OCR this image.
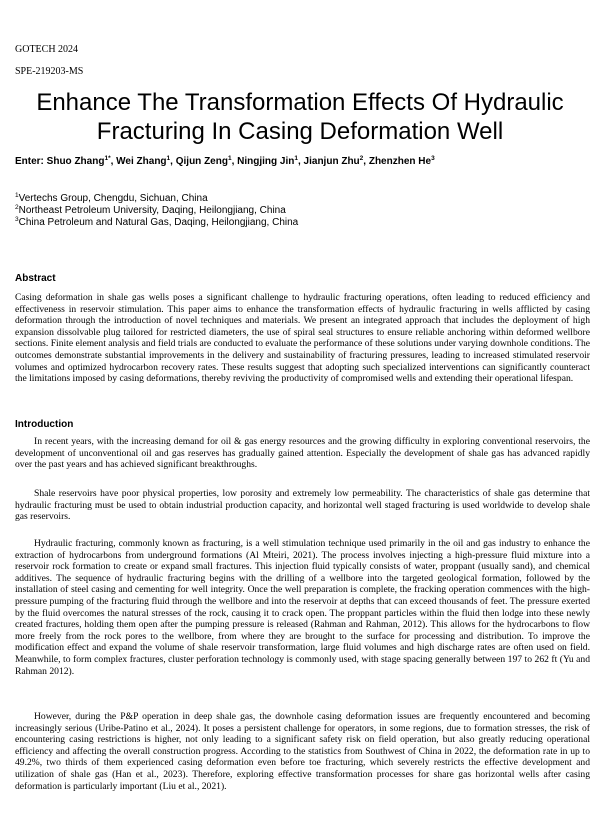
GOTECH 2024
SPE-219203-MS
Enhance The Transformation Effects Of Hydraulic
Fracturing In Casing Deformation Well
Enter: Shuo Zhang$^{1*}$, Wei Zhang$^1$, Qijun Zeng$^1$, Ningjing Jin$^1$, Jianjun Zhu$^2$, Zhenzhen He$^3$
$^1$Vertechs Group, Chengdu, Sichuan, China
$^2$Northeast Petroleum University, Daqing, Heilongjiang, China
$^3$China Petroleum and Natural Gas, Daqing, Heilongjiang, China
Abstract

Casing deformation in shale gas wells poses a significant challenge to hydraulic fracturing operations, often leading to reduced efficiency and effectiveness in reservoir stimulation. This paper aims to enhance the transformation effects of hydraulic fracturing in wells afflicted by casing deformation through the introduction of novel techniques and materials. We present an integrated approach that includes the deployment of high expansion dissolvable plug tailored for restricted diameters, the use of spiral seal structures to ensure reliable anchoring within deformed wellbore sections. Finite element analysis and field trials are conducted to evaluate the performance of these solutions under varying downhole conditions. The outcomes demonstrate substantial improvements in the delivery and sustainability of fracturing pressures, leading to increased stimulated reservoir volumes and optimized hydrocarbon recovery rates. These results suggest that adopting such specialized interventions can significantly counteract the limitations imposed by casing deformations, thereby reviving the productivity of compromised wells and extending their operational lifespan.

Introduction

In recent years, with the increasing demand for oil & gas energy resources and the growing difficulty in exploring conventional reservoirs, the development of unconventional oil and gas reserves has gradually gained attention. Especially the development of shale gas has advanced rapidly over the past years and has achieved significant breakthroughs.

Shale reservoirs have poor physical properties, low porosity and extremely low permeability. The characteristics of shale gas determine that hydraulic fracturing must be used to obtain industrial production capacity, and horizontal well staged fracturing is used worldwide to develop shale gas reservoirs.

Hydraulic fracturing, commonly known as fracturing, is a well stimulation technique used primarily in the oil and gas industry to enhance the extraction of hydrocarbons from underground formations (Al Mteiri, 2021). The process involves injecting a high-pressure fluid mixture into a reservoir rock formation to create or expand small fractures. This injection fluid typically consists of water, proppant (usually sand), and chemical additives. The sequence of hydraulic fracturing begins with the drilling of a wellbore into the targeted geological formation, followed by the installation of steel casing and cementing for well integrity. Once the well preparation is complete, the fracking operation commences with the high-pressure pumping of the fracturing fluid through the wellbore and into the reservoir at depths that can exceed thousands of feet. The pressure exerted by the fluid overcomes the natural stresses of the rock, causing it to crack open. The proppant particles within the fluid then lodge into these newly created fractures, holding them open after the pumping pressure is released (Rahman and Rahman, 2012). This allows for the hydrocarbons to flow more freely from the rock pores to the wellbore, from where they are brought to the surface for processing and distribution. To improve the modification effect and expand the volume of shale reservoir transformation, large fluid volumes and high discharge rates are often used on field. Meanwhile, to form complex fractures, cluster perforation technology is commonly used, with stage spacing generally between 197 to 262 ft (Yu and Rahman 2012).

However, during the P&P operation in deep shale gas, the downhole casing deformation issues are frequently encountered and becoming increasingly serious (Uribe-Patino et al., 2024). It poses a persistent challenge for operators, in some regions, due to formation stresses, the risk of encountering casing restrictions is higher, not only leading to a significant safety risk on field operation, but also greatly reducing operational efficiency and affecting the overall construction progress. According to the statistics from Southwest of China in 2022, the deformation rate in up to 49.2%, two thirds of them experienced casing deformation even before toe fracturing, which severely restricts the effective development and utilization of shale gas (Han et al., 2023). Therefore, exploring effective transformation processes for share gas horizontal wells after casing deformation is particularly important (Liu et al., 2021).
